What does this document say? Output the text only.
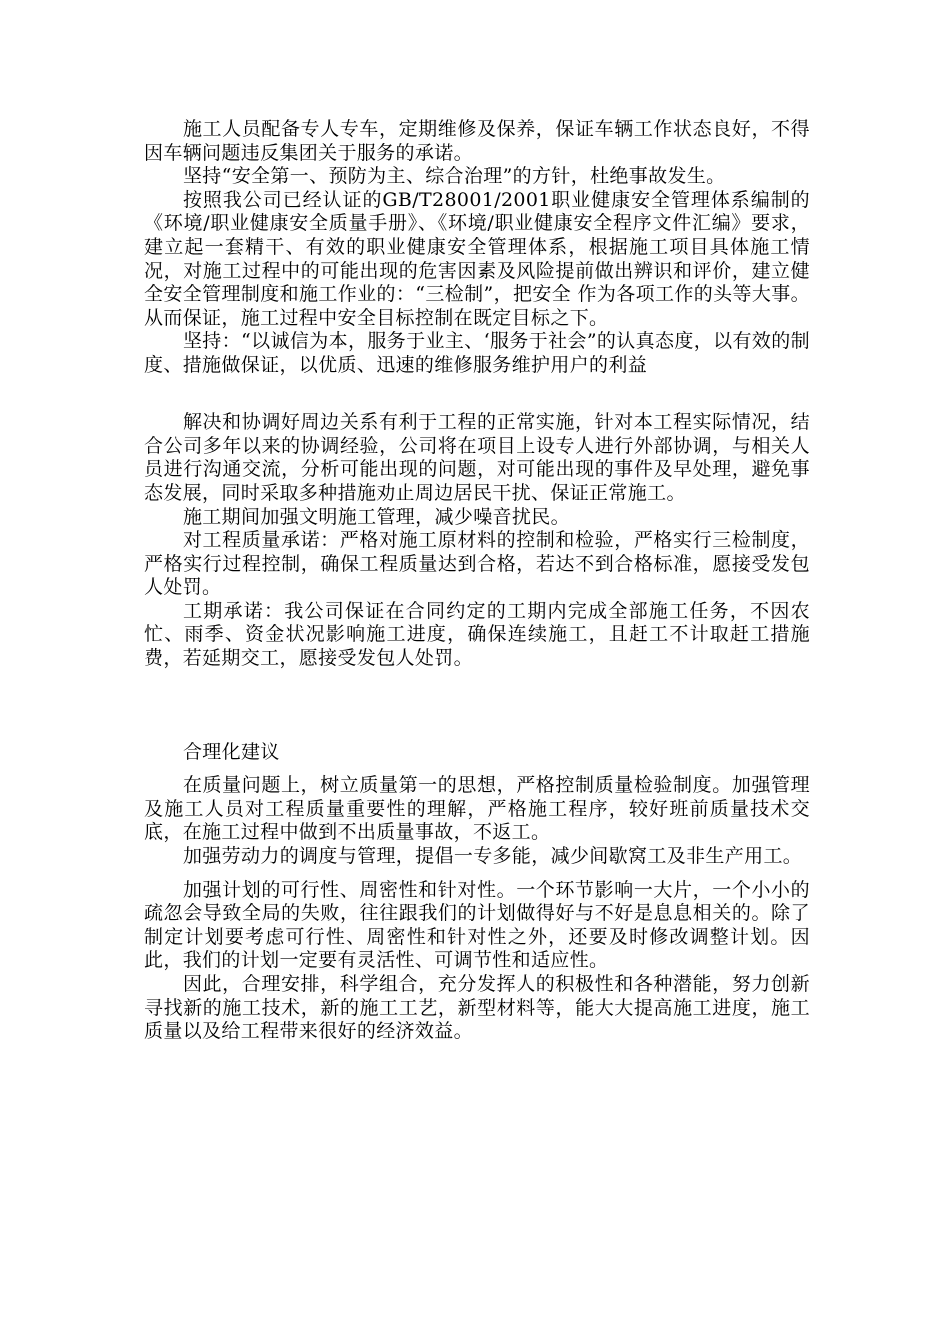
施工人员配备专人专车，定期维修及保养，保证车辆工作状态良好，不得因车辆问题违反集团关于服务的承诺。

坚持“安全第一、预防为主、综合治理”的方针，杜绝事故发生。

按照我公司已经认证的GB/T28001/2001职业健康安全管理体系编制的《环境/职业健康安全质量手册》、《环境/职业健康安全程序文件汇编》要求，建立起一套精干、有效的职业健康安全管理体系，根据施工项目具体施工情况，对施工过程中的可能出现的危害因素及风险提前做出辨识和评价，建立健全安全管理制度和施工作业的：“三检制”，把安全 作为各项工作的头等大事。从而保证，施工过程中安全目标控制在既定目标之下。

坚持：“以诚信为本，服务于业主、‘服务于社会”的认真态度，以有效的制度、措施做保证，以优质、迅速的维修服务维护用户的利益

解决和协调好周边关系有利于工程的正常实施，针对本工程实际情况，结合公司多年以来的协调经验，公司将在项目上设专人进行外部协调，与相关人员进行沟通交流，分析可能出现的问题，对可能出现的事件及早处理，避免事态发展，同时采取多种措施劝止周边居民干扰、保证正常施工。

施工期间加强文明施工管理，减少噪音扰民。

对工程质量承诺：严格对施工原材料的控制和检验，严格实行三检制度，严格实行过程控制，确保工程质量达到合格，若达不到合格标准，愿接受发包人处罚。

工期承诺：我公司保证在合同约定的工期内完成全部施工任务，不因农忙、雨季、资金状况影响施工进度，确保连续施工，且赶工不计取赶工措施费，若延期交工，愿接受发包人处罚。

合理化建议

在质量问题上，树立质量第一的思想，严格控制质量检验制度。加强管理及施工人员对工程质量重要性的理解，严格施工程序，较好班前质量技术交底，在施工过程中做到不出质量事故，不返工。

加强劳动力的调度与管理，提倡一专多能，减少间歇窝工及非生产用工。

加强计划的可行性、周密性和针对性。一个环节影响一大片，一个小小的疏忽会导致全局的失败，往往跟我们的计划做得好与不好是息息相关的。除了制定计划要考虑可行性、周密性和针对性之外，还要及时修改调整计划。因此，我们的计划一定要有灵活性、可调节性和适应性。

因此，合理安排，科学组合，充分发挥人的积极性和各种潜能，努力创新寻找新的施工技术，新的施工工艺，新型材料等，能大大提高施工进度，施工质量以及给工程带来很好的经济效益。
